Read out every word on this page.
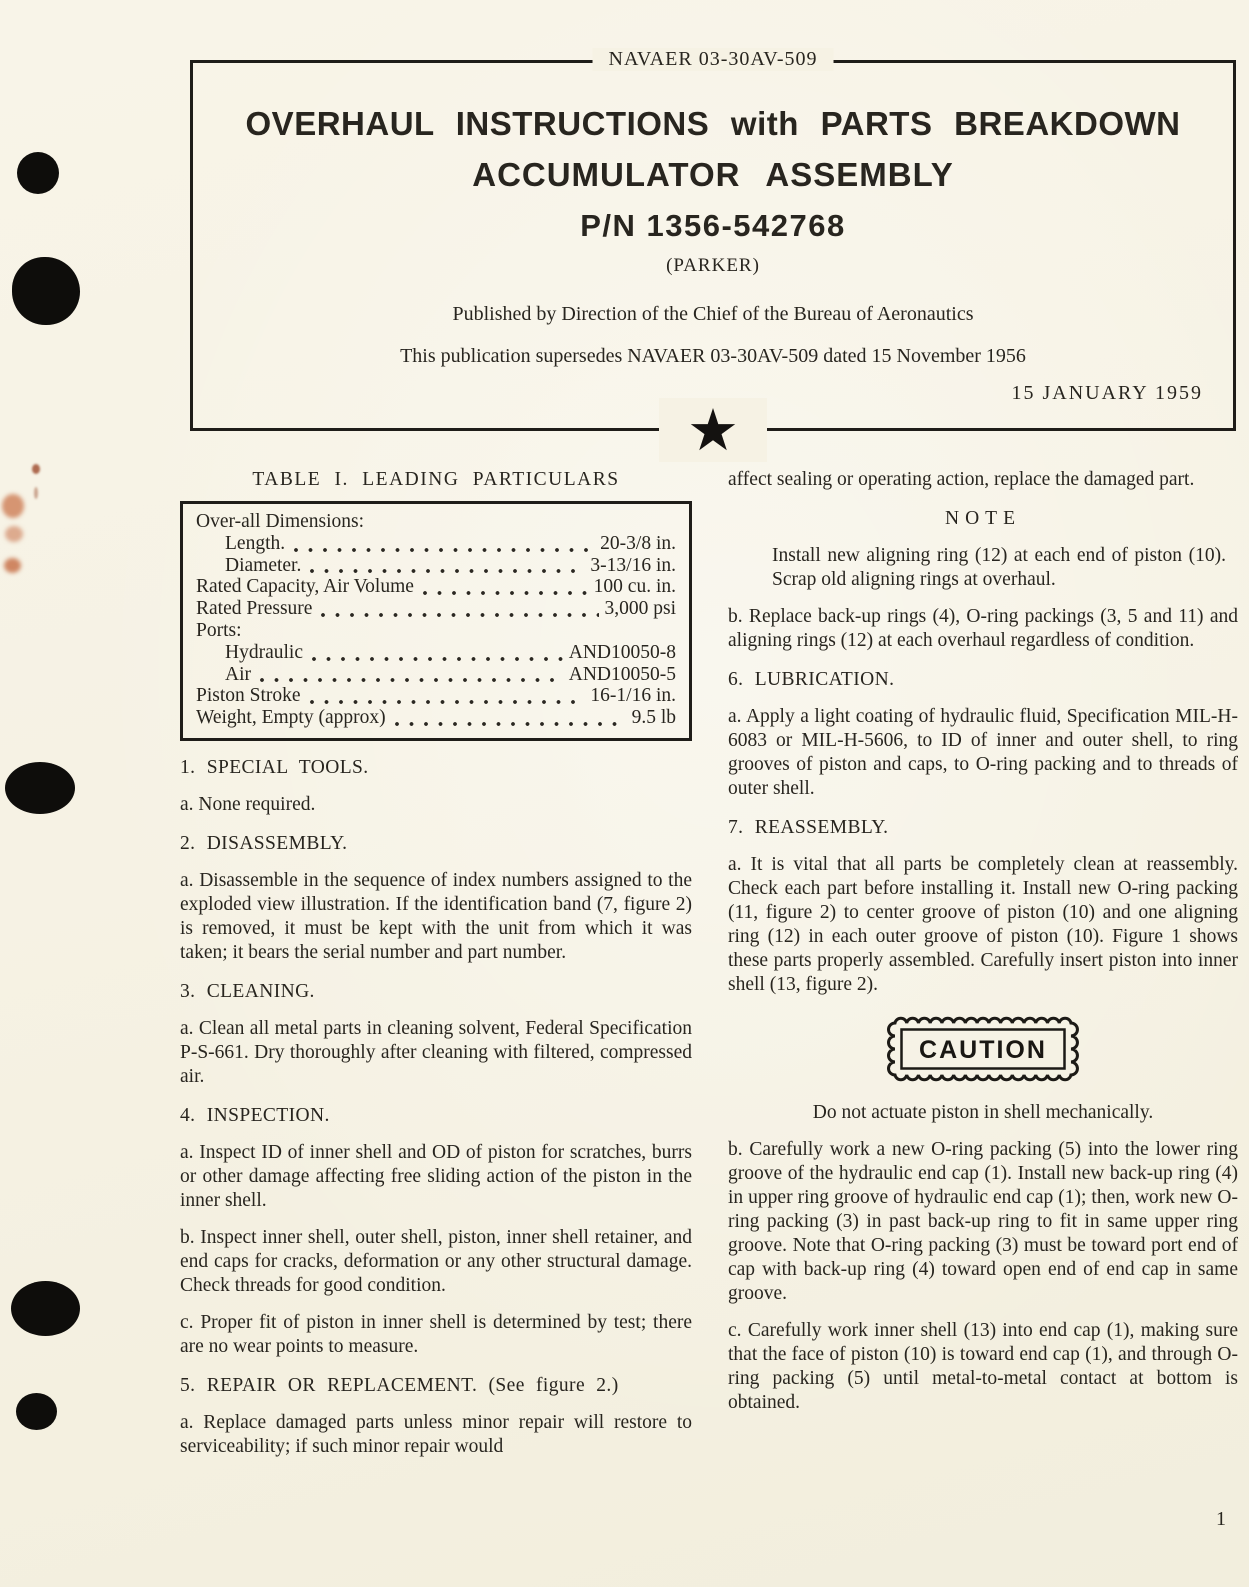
NAVAER 03-30AV-509
OVERHAUL INSTRUCTIONS with PARTS BREAKDOWN
ACCUMULATOR ASSEMBLY
P/N 1356-542768
(PARKER)
Published by Direction of the Chief of the Bureau of Aeronautics
This publication supersedes NAVAER 03-30AV-509 dated 15 November 1956
15 JANUARY 1959
★
TABLE I. LEADING PARTICULARS
Over-all Dimensions:
Length.	20-3/8 in.
Diameter.	3-13/16 in.
Rated Capacity, Air Volume	100 cu. in.
Rated Pressure	3,000 psi
Ports:
Hydraulic	AND10050-8
Air	AND10050-5
Piston Stroke	16-1/16 in.
Weight, Empty (approx)	9.5 lb
1. SPECIAL TOOLS.
a. None required.
2. DISASSEMBLY.
a. Disassemble in the sequence of index numbers assigned to the exploded view illustration. If the identification band (7, figure 2) is removed, it must be kept with the unit from which it was taken; it bears the serial number and part number.
3. CLEANING.
a. Clean all metal parts in cleaning solvent, Federal Specification P-S-661. Dry thoroughly after cleaning with filtered, compressed air.
4. INSPECTION.
a. Inspect ID of inner shell and OD of piston for scratches, burrs or other damage affecting free sliding action of the piston in the inner shell.
b. Inspect inner shell, outer shell, piston, inner shell retainer, and end caps for cracks, deformation or any other structural damage. Check threads for good condition.
c. Proper fit of piston in inner shell is determined by test; there are no wear points to measure.
5. REPAIR OR REPLACEMENT. (See figure 2.)
a. Replace damaged parts unless minor repair will restore to serviceability; if such minor repair would
affect sealing or operating action, replace the damaged part.
NOTE
Install new aligning ring (12) at each end of piston (10). Scrap old aligning rings at overhaul.
b. Replace back-up rings (4), O-ring packings (3, 5 and 11) and aligning rings (12) at each overhaul regardless of condition.
6. LUBRICATION.
a. Apply a light coating of hydraulic fluid, Specification MIL-H-6083 or MIL-H-5606, to ID of inner and outer shell, to ring grooves of piston and caps, to O-ring packing and to threads of outer shell.
7. REASSEMBLY.
a. It is vital that all parts be completely clean at reassembly. Check each part before installing it. Install new O-ring packing (11, figure 2) to center groove of piston (10) and one aligning ring (12) in each outer groove of piston (10). Figure 1 shows these parts properly assembled. Carefully insert piston into inner shell (13, figure 2).
CAUTION
Do not actuate piston in shell mechanically.
b. Carefully work a new O-ring packing (5) into the lower ring groove of the hydraulic end cap (1). Install new back-up ring (4) in upper ring groove of hydraulic end cap (1); then, work new O-ring packing (3) in past back-up ring to fit in same upper ring groove. Note that O-ring packing (3) must be toward port end of cap with back-up ring (4) toward open end of end cap in same groove.
c. Carefully work inner shell (13) into end cap (1), making sure that the face of piston (10) is toward end cap (1), and through O-ring packing (5) until metal-to-metal contact at bottom is obtained.
1
